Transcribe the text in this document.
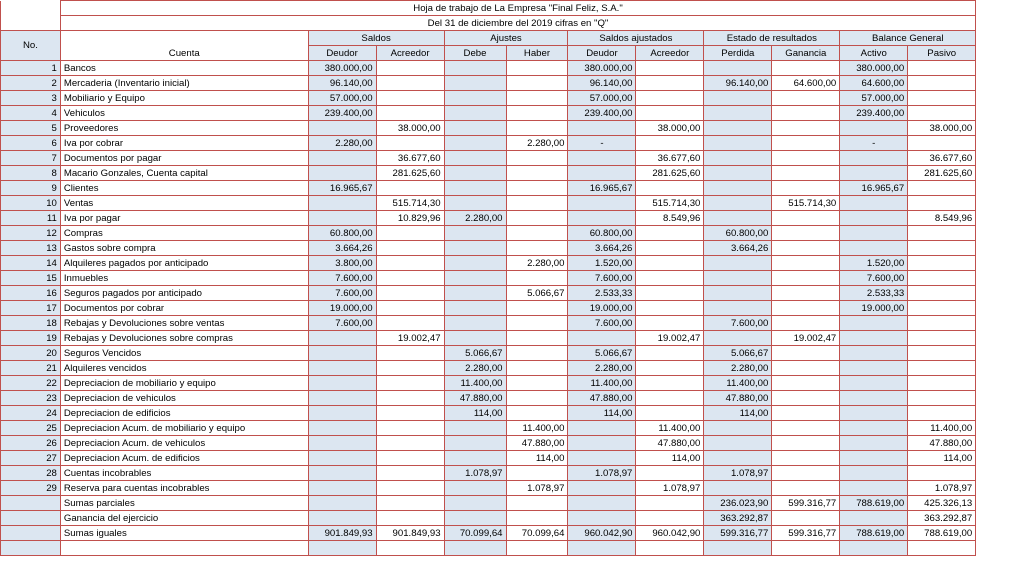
	Hoja de trabajo de La Empresa "Final Feliz, S.A."											
	Del 31 de diciembre del 2019 cifras en "Q"											
No.	Cuenta	Saldos		Ajustes		Saldos ajustados		Estado de resultados		Balance General		
		Deudor	Acreedor	Debe	Haber	Deudor	Acreedor	Perdida	Ganancia	Activo	Pasivo	
1	Bancos	380.000,00				380.000,00				380.000,00		
2	Mercaderia (Inventario inicial)	96.140,00				96.140,00		96.140,00	64.600,00	64.600,00		
3	Mobiliario y Equipo	57.000,00				57.000,00				57.000,00		
4	Vehiculos	239.400,00				239.400,00				239.400,00		
5	Proveedores		38.000,00				38.000,00				38.000,00	
6	Iva por cobrar	2.280,00			2.280,00	-				-		
7	Documentos por pagar		36.677,60				36.677,60				36.677,60	
8	Macario Gonzales, Cuenta capital		281.625,60				281.625,60				281.625,60	
9	Clientes	16.965,67				16.965,67				16.965,67		
10	Ventas		515.714,30				515.714,30		515.714,30			
11	Iva por pagar		10.829,96	2.280,00			8.549,96				8.549,96	
12	Compras	60.800,00				60.800,00		60.800,00				
13	Gastos sobre compra	3.664,26				3.664,26		3.664,26				
14	Alquileres pagados por anticipado	3.800,00			2.280,00	1.520,00				1.520,00		
15	Inmuebles	7.600,00				7.600,00				7.600,00		
16	Seguros pagados por anticipado	7.600,00			5.066,67	2.533,33				2.533,33		
17	Documentos por cobrar	19.000,00				19.000,00				19.000,00		
18	Rebajas y Devoluciones sobre ventas	7.600,00				7.600,00		7.600,00				
19	Rebajas y Devoluciones sobre compras		19.002,47				19.002,47		19.002,47			
20	Seguros Vencidos			5.066,67		5.066,67		5.066,67				
21	Alquileres vencidos			2.280,00		2.280,00		2.280,00				
22	Depreciacion de mobiliario y equipo			11.400,00		11.400,00		11.400,00				
23	Depreciacion de vehiculos			47.880,00		47.880,00		47.880,00				
24	Depreciacion de edificios			114,00		114,00		114,00				
25	Depreciacion Acum. de mobiliario y equipo				11.400,00		11.400,00				11.400,00	
26	Depreciacion Acum. de vehiculos				47.880,00		47.880,00				47.880,00	
27	Depreciacion Acum. de edificios				114,00		114,00				114,00	
28	Cuentas incobrables			1.078,97		1.078,97		1.078,97				
29	Reserva para cuentas incobrables				1.078,97		1.078,97				1.078,97	
	Sumas parciales							236.023,90	599.316,77	788.619,00	425.326,13	
	Ganancia del ejercicio							363.292,87			363.292,87	
	Sumas iguales	901.849,93	901.849,93	70.099,64	70.099,64	960.042,90	960.042,90	599.316,77	599.316,77	788.619,00	788.619,00	
